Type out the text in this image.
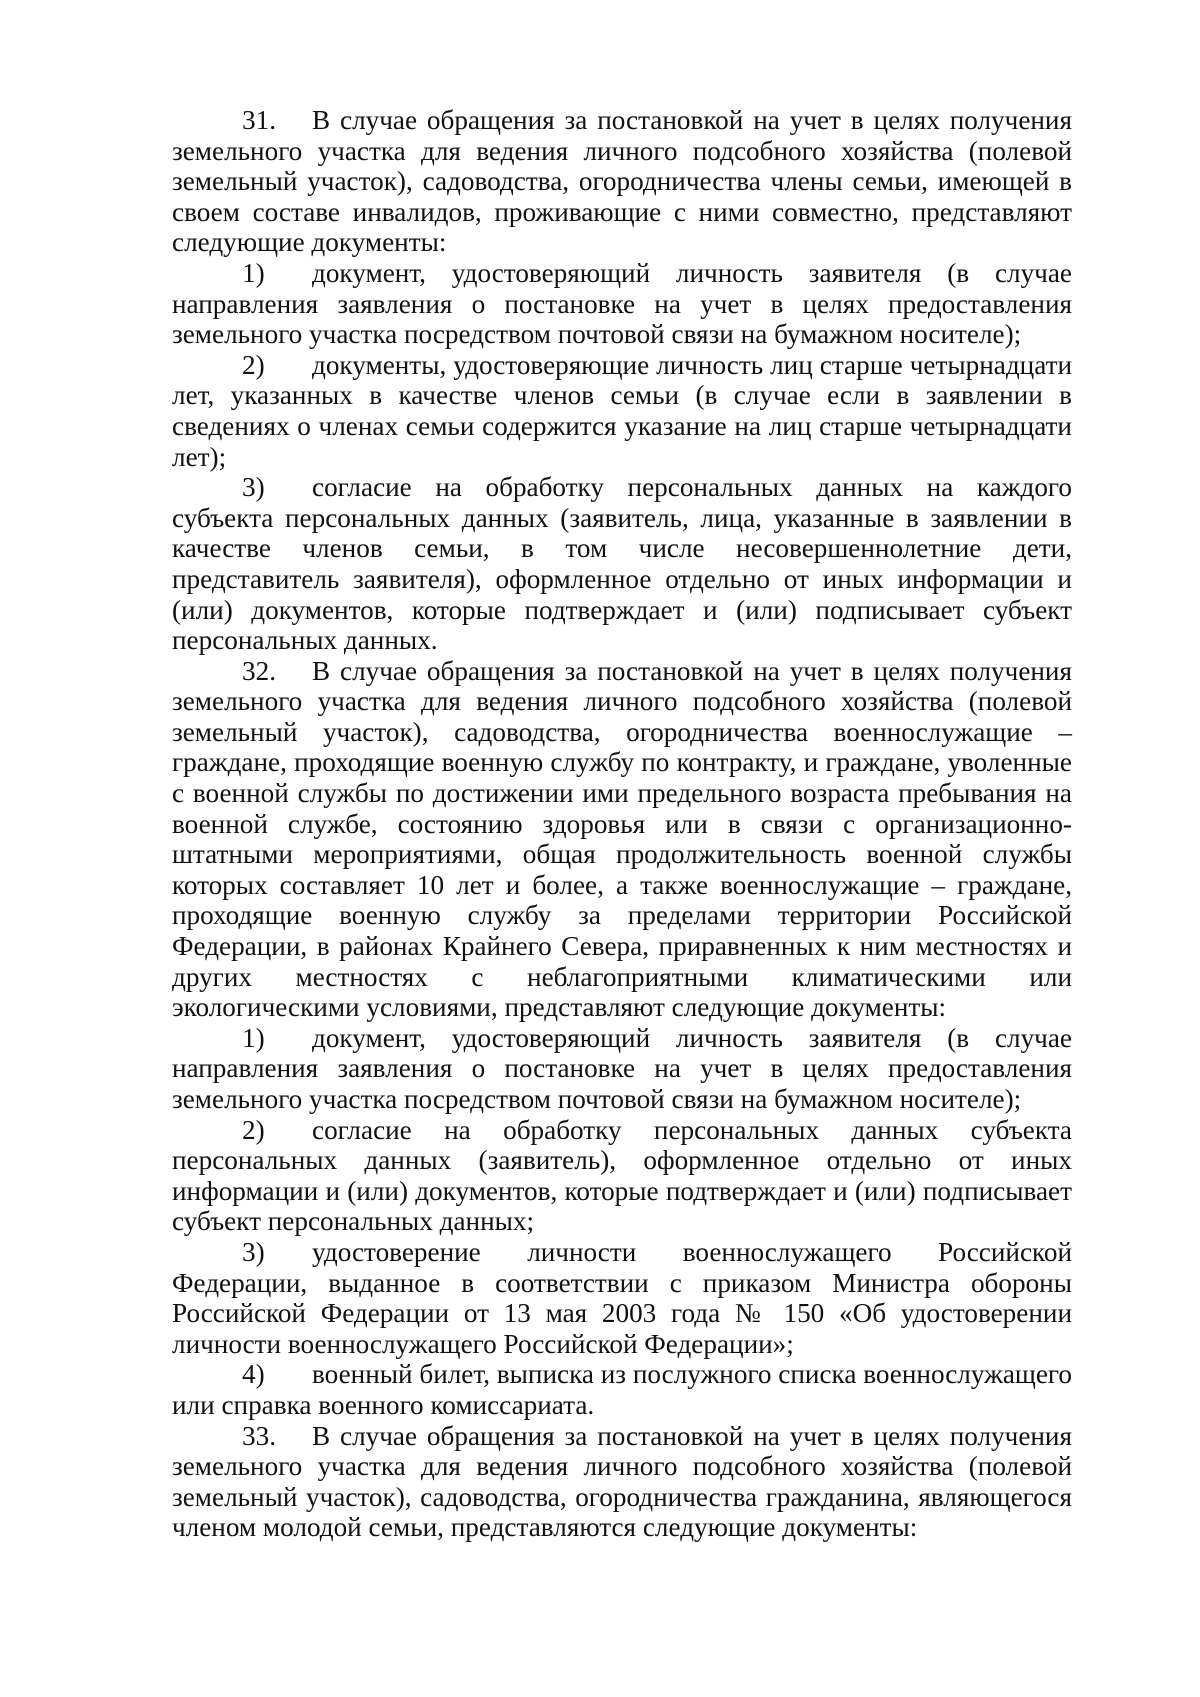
31. В случае обращения за постановкой на учет в целях получения земельного участка для ведения личного подсобного хозяйства (полевой земельный участок), садоводства, огородничества члены семьи, имеющей в своем составе инвалидов, проживающие с ними совместно, представляют следующие документы:

1) документ, удостоверяющий личность заявителя (в случае направления заявления о постановке на учет в целях предоставления земельного участка посредством почтовой связи на бумажном носителе);

2) документы, удостоверяющие личность лиц старше четырнадцати лет, указанных в качестве членов семьи (в случае если в заявлении в сведениях о членах семьи содержится указание на лиц старше четырнадцати лет);

3) согласие на обработку персональных данных на каждого субъекта персональных данных (заявитель, лица, указанные в заявлении в качестве членов семьи, в том числе несовершеннолетние дети, представитель заявителя), оформленное отдельно от иных информации и (или) документов, которые подтверждает и (или) подписывает субъект персональных данных.

32. В случае обращения за постановкой на учет в целях получения земельного участка для ведения личного подсобного хозяйства (полевой земельный участок), садоводства, огородничества военнослужащие – граждане, проходящие военную службу по контракту, и граждане, уволенные с военной службы по достижении ими предельного возраста пребывания на военной службе, состоянию здоровья или в связи с организационно-штатными мероприятиями, общая продолжительность военной службы которых составляет 10 лет и более, а также военнослужащие – граждане, проходящие военную службу за пределами территории Российской Федерации, в районах Крайнего Севера, приравненных к ним местностях и других местностях с неблагоприятными климатическими или экологическими условиями, представляют следующие документы:

1) документ, удостоверяющий личность заявителя (в случае направления заявления о постановке на учет в целях предоставления земельного участка посредством почтовой связи на бумажном носителе);

2) согласие на обработку персональных данных субъекта персональных данных (заявитель), оформленное отдельно от иных информации и (или) документов, которые подтверждает и (или) подписывает субъект персональных данных;

3) удостоверение личности военнослужащего Российской Федерации, выданное в соответствии с приказом Министра обороны Российской Федерации от 13 мая 2003 года № 150 «Об удостоверении личности военнослужащего Российской Федерации»;

4) военный билет, выписка из послужного списка военнослужащего или справка военного комиссариата.

33. В случае обращения за постановкой на учет в целях получения земельного участка для ведения личного подсобного хозяйства (полевой земельный участок), садоводства, огородничества гражданина, являющегося членом молодой семьи, представляются следующие документы:
